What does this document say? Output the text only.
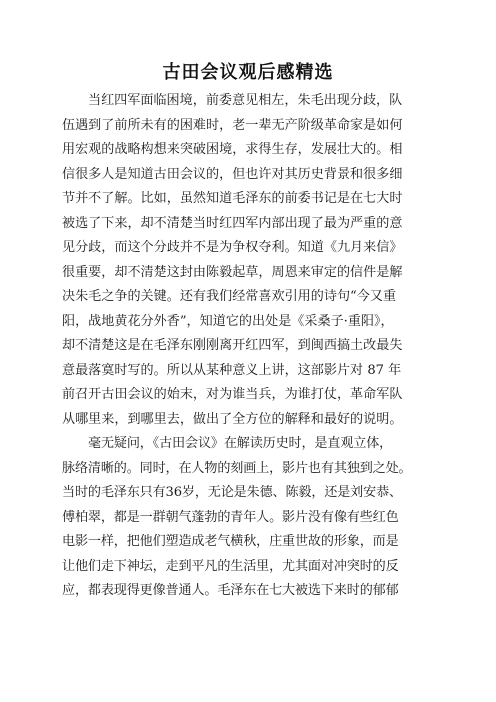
古田会议观后感精选
当红四军面临困境，前委意见相左，朱毛出现分歧，队
伍遇到了前所未有的困难时，老一辈无产阶级革命家是如何
用宏观的战略构想来突破困境，求得生存，发展壮大的。相
信很多人是知道古田会议的，但也许对其历史背景和很多细
节并不了解。比如，虽然知道毛泽东的前委书记是在七大时
被选了下来，却不清楚当时红四军内部出现了最为严重的意
见分歧，而这个分歧并不是为争权夺利。知道《九月来信》
很重要，却不清楚这封由陈毅起草，周恩来审定的信件是解
决朱毛之争的关键。还有我们经常喜欢引用的诗句“今又重
阳，战地黄花分外香”，知道它的出处是《采桑子·重阳》，
却不清楚这是在毛泽东刚刚离开红四军，到闽西搞土改最失
意最落寞时写的。所以从某种意义上讲，这部影片对 87 年
前召开古田会议的始末，对为谁当兵，为谁打仗，革命军队
从哪里来，到哪里去，做出了全方位的解释和最好的说明。
毫无疑问，《古田会议》在解读历史时，是直观立体，
脉络清晰的。同时，在人物的刻画上，影片也有其独到之处。
当时的毛泽东只有36岁，无论是朱德、陈毅，还是刘安恭、
傅柏翠，都是一群朝气蓬勃的青年人。影片没有像有些红色
电影一样，把他们塑造成老气横秋，庄重世故的形象，而是
让他们走下神坛，走到平凡的生活里，尤其面对冲突时的反
应，都表现得更像普通人。毛泽东在七大被选下来时的郁郁
